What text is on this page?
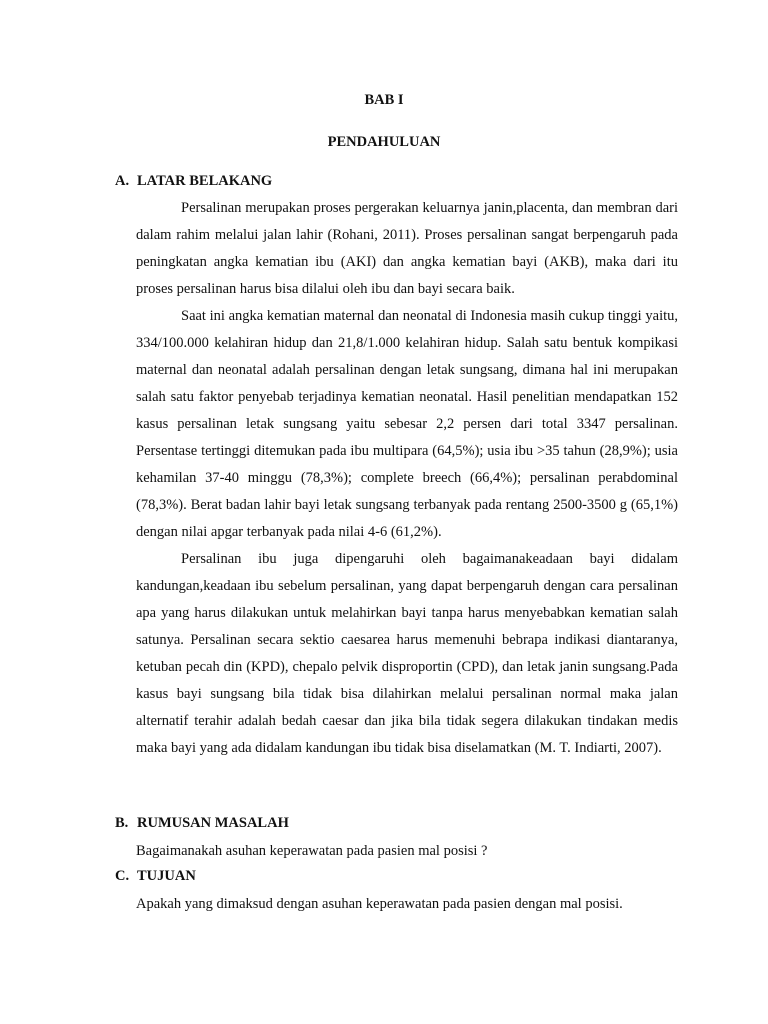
BAB I
PENDAHULUAN
A. LATAR BELAKANG

Persalinan merupakan proses pergerakan keluarnya janin,placenta, dan membran dari dalam rahim melalui jalan lahir (Rohani, 2011). Proses persalinan sangat berpengaruh pada peningkatan angka kematian ibu (AKI) dan angka kematian bayi (AKB), maka dari itu proses persalinan harus bisa dilalui oleh ibu dan bayi secara baik.

Saat ini angka kematian maternal dan neonatal di Indonesia masih cukup tinggi yaitu, 334/100.000 kelahiran hidup dan 21,8/1.000 kelahiran hidup. Salah satu bentuk kompikasi maternal dan neonatal adalah persalinan dengan letak sungsang, dimana hal ini merupakan salah satu faktor penyebab terjadinya kematian neonatal. Hasil penelitian mendapatkan 152 kasus persalinan letak sungsang yaitu sebesar 2,2 persen dari total 3347 persalinan. Persentase tertinggi ditemukan pada ibu multipara (64,5%); usia ibu >35 tahun (28,9%); usia kehamilan 37-40 minggu (78,3%); complete breech (66,4%); persalinan perabdominal (78,3%). Berat badan lahir bayi letak sungsang terbanyak pada rentang 2500-3500 g (65,1%) dengan nilai apgar terbanyak pada nilai 4-6 (61,2%).

Persalinan ibu juga dipengaruhi oleh bagaimanakeadaan bayi didalam kandungan,keadaan ibu sebelum persalinan, yang dapat berpengaruh dengan cara persalinan apa yang harus dilakukan untuk melahirkan bayi tanpa harus menyebabkan kematian salah satunya. Persalinan secara sektio caesarea harus memenuhi bebrapa indikasi diantaranya, ketuban pecah din (KPD), chepalo pelvik disproportin (CPD), dan letak janin sungsang.Pada kasus bayi sungsang bila tidak bisa dilahirkan melalui persalinan normal maka jalan alternatif terahir adalah bedah caesar dan jika bila tidak segera dilakukan tindakan medis maka bayi yang ada didalam kandungan ibu tidak bisa diselamatkan (M. T. Indiarti, 2007).

B. RUMUSAN MASALAH
Bagaimanakah asuhan keperawatan pada pasien mal posisi ?
C. TUJUAN
Apakah yang dimaksud dengan asuhan keperawatan pada pasien dengan mal posisi.
